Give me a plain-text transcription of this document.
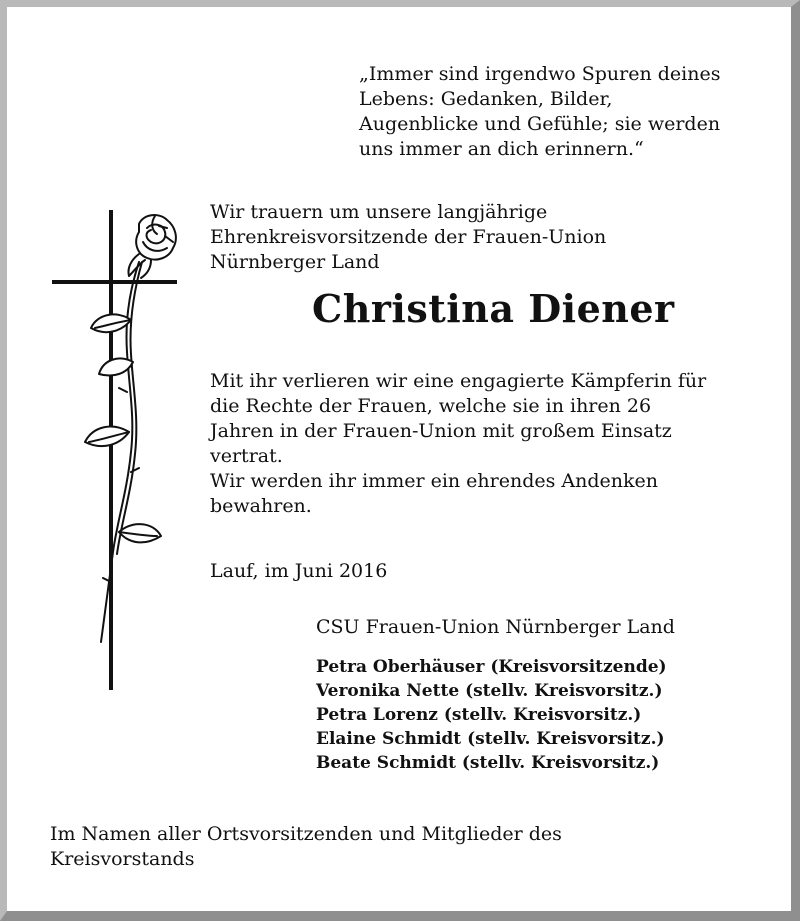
„Immer sind irgendwo Spuren deines
Lebens: Gedanken, Bilder,
Augenblicke und Gefühle; sie werden
uns immer an dich erinnern.“

Wir trauern um unsere langjährige
Ehrenkreisvorsitzende der Frauen-Union
Nürnberger Land

Christina Diener

Mit ihr verlieren wir eine engagierte Kämpferin für
die Rechte der Frauen, welche sie in ihren 26
Jahren in der Frauen-Union mit großem Einsatz
vertrat.
Wir werden ihr immer ein ehrendes Andenken
bewahren.

Lauf, im Juni 2016

CSU Frauen-Union Nürnberger Land

Petra Oberhäuser (Kreisvorsitzende)
Veronika Nette (stellv. Kreisvorsitz.)
Petra Lorenz (stellv. Kreisvorsitz.)
Elaine Schmidt (stellv. Kreisvorsitz.)
Beate Schmidt (stellv. Kreisvorsitz.)

Im Namen aller Ortsvorsitzenden und Mitglieder des
Kreisvorstands
